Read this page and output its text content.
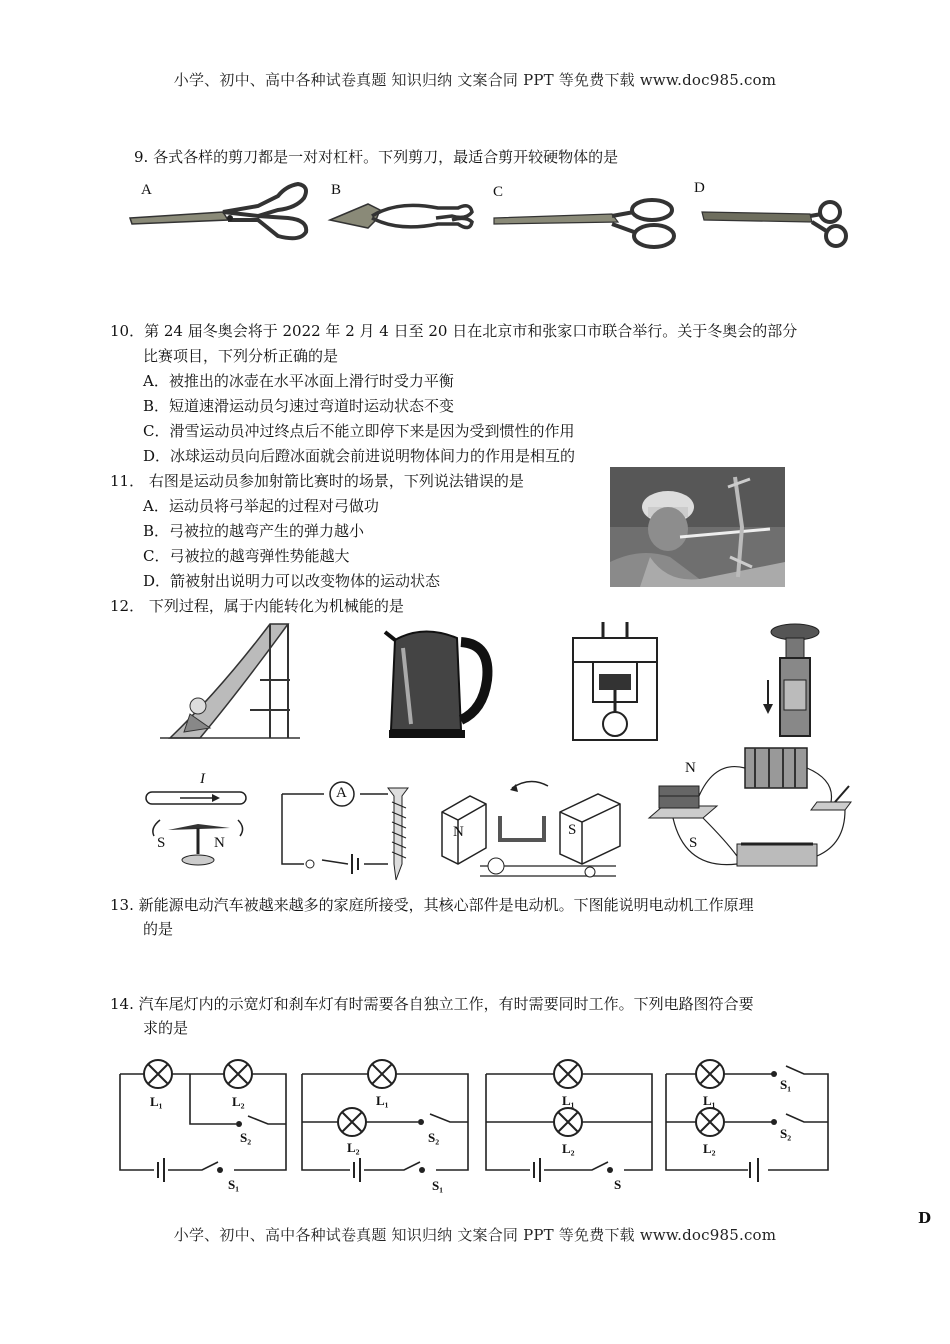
小学、初中、高中各种试卷真题 知识归纳 文案合同 PPT 等免费下载 www.doc985.com
小学、初中、高中各种试卷真题 知识归纳 文案合同 PPT 等免费下载 www.doc985.com
D
9. 各式各样的剪刀都是一对对杠杆。下列剪刀，最适合剪开较硬物体的是
A	B	C	D
10．第 24 届冬奥会将于 2022 年 2 月 4 日至 20 日在北京市和张家口市联合举行。关于冬奥会的部分
比赛项目，下列分析正确的是
A．被推出的冰壶在水平冰面上滑行时受力平衡
B．短道速滑运动员匀速过弯道时运动状态不变
C．滑雪运动员冲过终点后不能立即停下来是因为受到惯性的作用
D．冰球运动员向后蹬冰面就会前进说明物体间力的作用是相互的
11． 右图是运动员参加射箭比赛时的场景，下列说法错误的是
A．运动员将弓举起的过程对弓做功
B．弓被拉的越弯产生的弹力越小
C．弓被拉的越弯弹性势能越大
D．箭被射出说明力可以改变物体的运动状态
12． 下列过程，属于内能转化为机械能的是
I
S	N
A
N	S
N
S
13. 新能源电动汽车被越来越多的家庭所接受，其核心部件是电动机。下图能说明电动机工作原理
的是
14. 汽车尾灯内的示宽灯和刹车灯有时需要各自独立工作，有时需要同时工作。下列电路图符合要
求的是
L₁	L₂
S₂
S₁
L₁
L₂
S₂
S₁
L₁
L₂
S
L₁
L₂
S₁
S₂
